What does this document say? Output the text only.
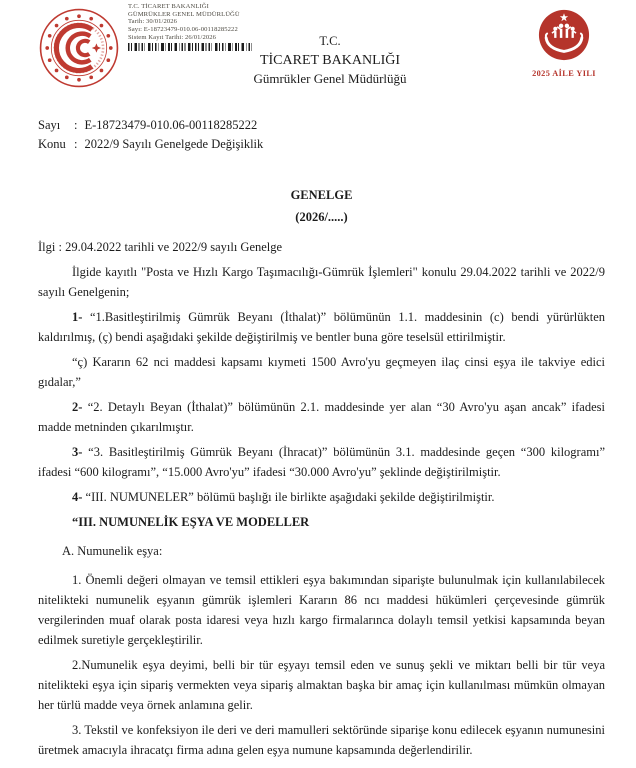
T.C. TİCARET BAKANLIĞI
GÜMRÜKLER GENEL MÜDÜRLÜĞÜ
Tarih: 30/01/2026
Sayı: E-18723479-010.06-00118285222
Sistem Kayıt Tarihi: 26/01/2026	T.C.
TİCARET BAKANLIĞI
Gümrükler Genel Müdürlüğü	2025 AİLE YILI
Sayı	: E-18723479-010.06-00118285222
Konu : 2022/9 Sayılı Genelgede Değişiklik
GENELGE
(2026/.....)
İlgi : 29.04.2022 tarihli ve 2022/9 sayılı Genelge

İlgide kayıtlı "Posta ve Hızlı Kargo Taşımacılığı-Gümrük İşlemleri" konulu 29.04.2022 tarihli ve 2022/9 sayılı Genelgenin;

1- “1.Basitleştirilmiş Gümrük Beyanı (İthalat)” bölümünün 1.1. maddesinin (c) bendi yürürlükten kaldırılmış, (ç) bendi aşağıdaki şekilde değiştirilmiş ve bentler buna göre teselsül ettirilmiştir.

“ç) Kararın 62 nci maddesi kapsamı kıymeti 1500 Avro'yu geçmeyen ilaç cinsi eşya ile takviye edici gıdalar,”

2- “2. Detaylı Beyan (İthalat)” bölümünün 2.1. maddesinde yer alan “30 Avro'yu aşan ancak” ifadesi madde metninden çıkarılmıştır.

3- “3. Basitleştirilmiş Gümrük Beyanı (İhracat)” bölümünün 3.1. maddesinde geçen “300 kilogramı” ifadesi “600 kilogramı”, “15.000 Avro'yu” ifadesi “30.000 Avro'yu” şeklinde değiştirilmiştir.

4- “III. NUMUNELER” bölümü başlığı ile birlikte aşağıdaki şekilde değiştirilmiştir.

“III. NUMUNELİK EŞYA VE MODELLER

A. Numunelik eşya:

1. Önemli değeri olmayan ve temsil ettikleri eşya bakımından siparişte bulunulmak için kullanılabilecek nitelikteki numunelik eşyanın gümrük işlemleri Kararın 86 ncı maddesi hükümleri çerçevesinde gümrük vergilerinden muaf olarak posta idaresi veya hızlı kargo firmalarınca dolaylı temsil yetkisi kapsamında beyan edilmek suretiyle gerçekleştirilir.

2.Numunelik eşya deyimi, belli bir tür eşyayı temsil eden ve sunuş şekli ve miktarı belli bir tür veya nitelikteki eşya için sipariş vermekten veya sipariş almaktan başka bir amaç için kullanılması mümkün olmayan her türlü madde veya örnek anlamına gelir.

3. Tekstil ve konfeksiyon ile deri ve deri mamulleri sektöründe siparişe konu edilecek eşyanın numunesini üretmek amacıyla ihracatçı firma adına gelen eşya numune kapsamında değerlendirilir.
